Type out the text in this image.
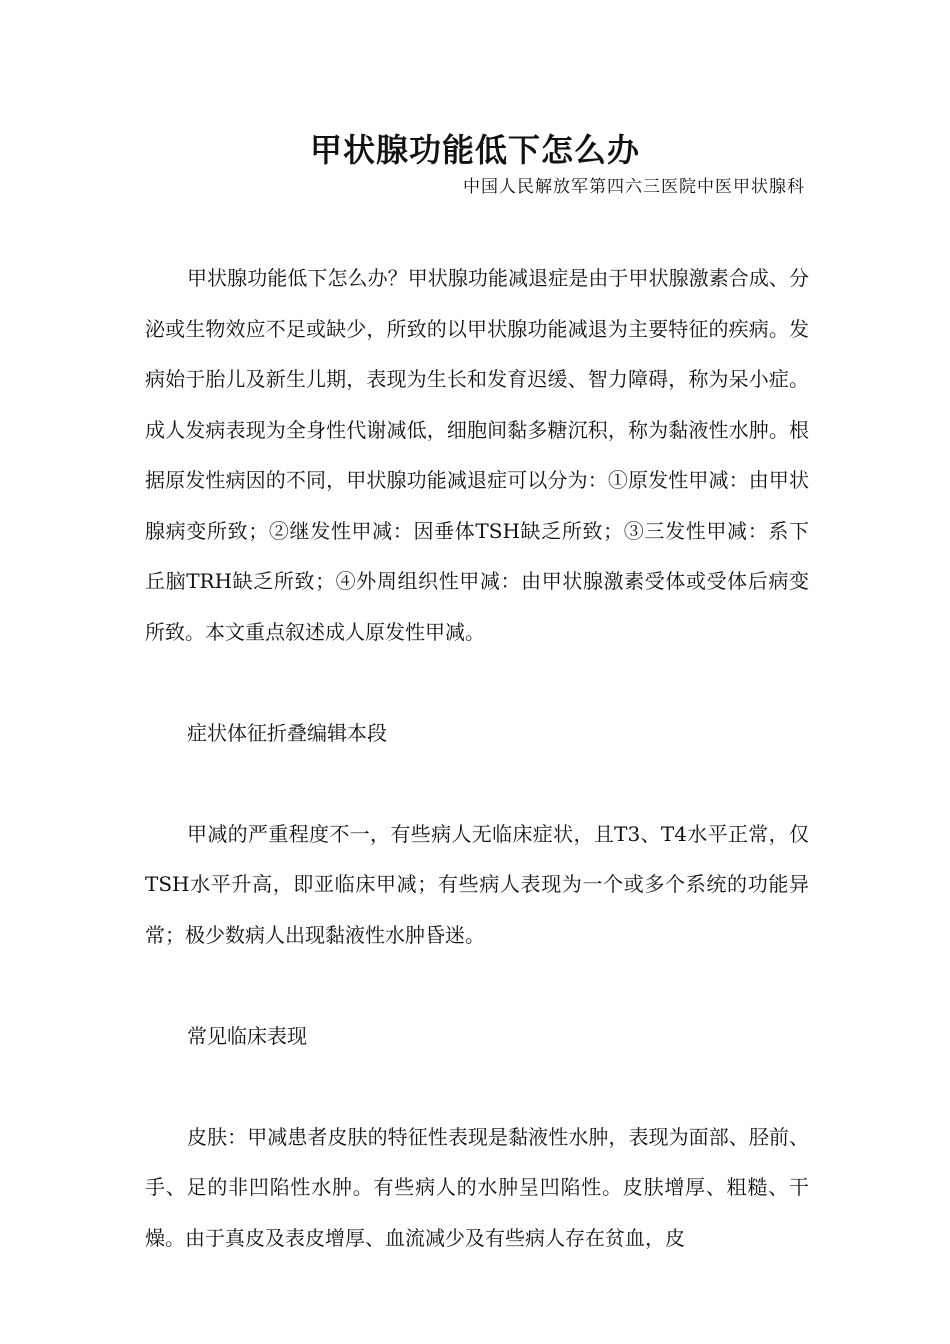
甲状腺功能低下怎么办
中国人民解放军第四六三医院中医甲状腺科

甲状腺功能低下怎么办？甲状腺功能减退症是由于甲状腺激素合成、分泌或生物效应不足或缺少，所致的以甲状腺功能减退为主要特征的疾病。发病始于胎儿及新生儿期，表现为生长和发育迟缓、智力障碍，称为呆小症。成人发病表现为全身性代谢减低，细胞间黏多糖沉积，称为黏液性水肿。根据原发性病因的不同，甲状腺功能减退症可以分为：①原发性甲减：由甲状腺病变所致；②继发性甲减：因垂体TSH缺乏所致；③三发性甲减：系下丘脑TRH缺乏所致；④外周组织性甲减：由甲状腺激素受体或受体后病变所致。本文重点叙述成人原发性甲减。

症状体征折叠编辑本段

甲减的严重程度不一，有些病人无临床症状，且T3、T4水平正常，仅TSH水平升高，即亚临床甲减；有些病人表现为一个或多个系统的功能异常；极少数病人出现黏液性水肿昏迷。

常见临床表现

皮肤：甲减患者皮肤的特征性表现是黏液性水肿，表现为面部、胫前、手、足的非凹陷性水肿。有些病人的水肿呈凹陷性。皮肤增厚、粗糙、干燥。由于真皮及表皮增厚、血流减少及有些病人存在贫血，皮
